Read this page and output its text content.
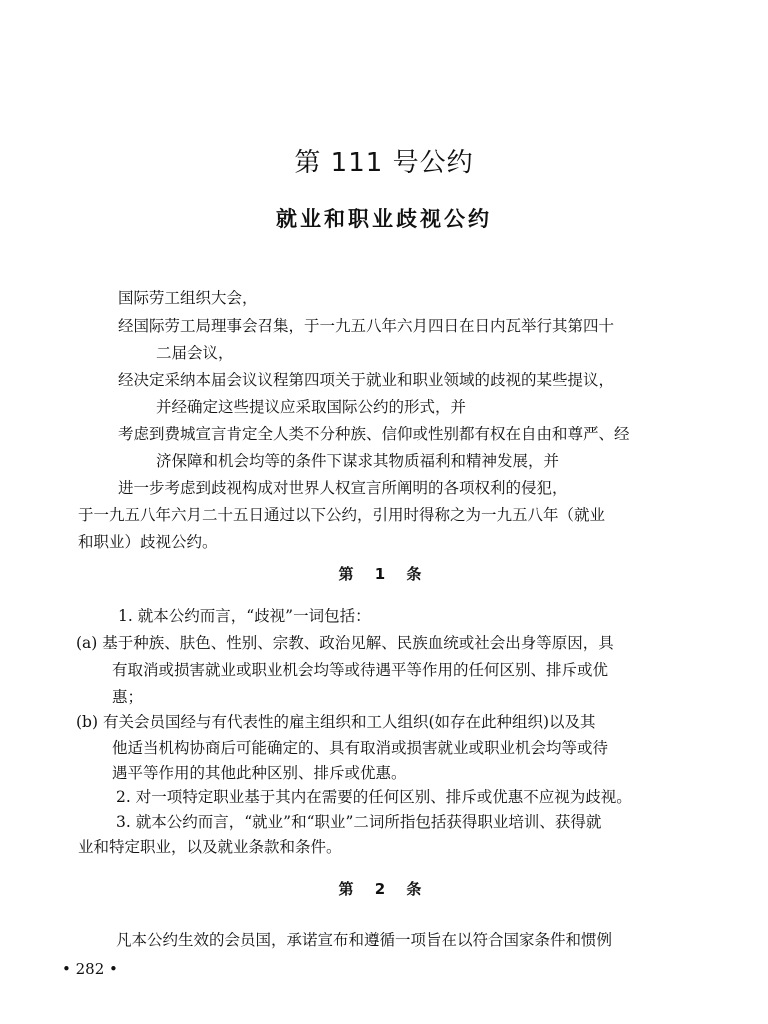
第 111 号公约
就业和职业歧视公约
国际劳工组织大会，
经国际劳工局理事会召集，于一九五八年六月四日在日内瓦举行其第四十
二届会议，
经决定采纳本届会议议程第四项关于就业和职业领域的歧视的某些提议，
并经确定这些提议应采取国际公约的形式，并
考虑到费城宣言肯定全人类不分种族、信仰或性别都有权在自由和尊严、经
济保障和机会均等的条件下谋求其物质福利和精神发展，并
进一步考虑到歧视构成对世界人权宣言所阐明的各项权利的侵犯，
于一九五八年六月二十五日通过以下公约，引用时得称之为一九五八年（就业
和职业）歧视公约。
第 1 条
1. 就本公约而言，“歧视”一词包括：
(a) 基于种族、肤色、性别、宗教、政治见解、民族血统或社会出身等原因，具
有取消或损害就业或职业机会均等或待遇平等作用的任何区别、排斥或优
惠；
(b) 有关会员国经与有代表性的雇主组织和工人组织(如存在此种组织)以及其
他适当机构协商后可能确定的、具有取消或损害就业或职业机会均等或待
遇平等作用的其他此种区别、排斥或优惠。
2. 对一项特定职业基于其内在需要的任何区别、排斥或优惠不应视为歧视。
3. 就本公约而言，“就业”和“职业”二词所指包括获得职业培训、获得就
业和特定职业，以及就业条款和条件。
第 2 条
凡本公约生效的会员国，承诺宣布和遵循一项旨在以符合国家条件和惯例
• 282 •
